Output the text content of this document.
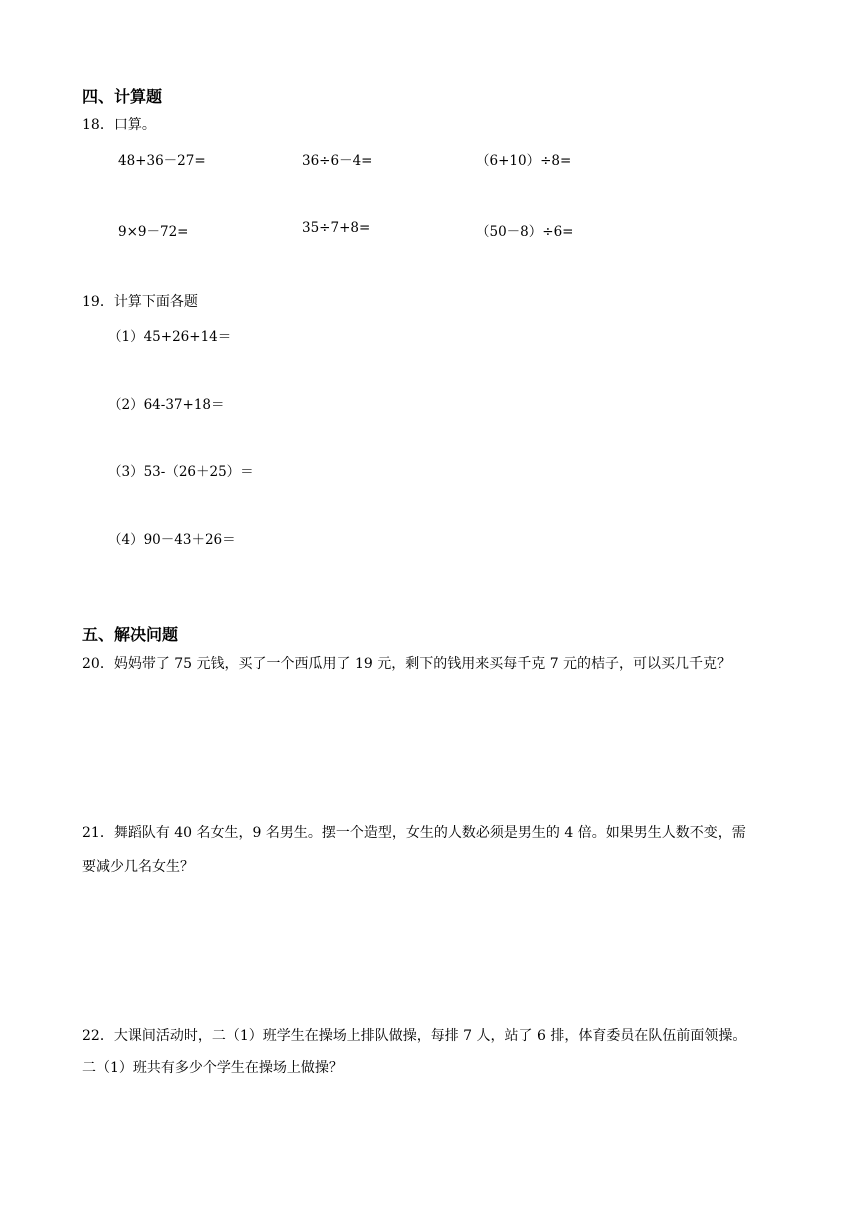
四、计算题
18．口算。
48+36－27=	36÷6－4=	（6+10）÷8=
9×9－72=	35÷7+8=	（50－8）÷6=
19．计算下面各题
（1）45+26+14＝
（2）64-37+18＝
（3）53-（26＋25）＝
（4）90－43＋26＝
五、解决问题
20．妈妈带了 75 元钱，买了一个西瓜用了 19 元，剩下的钱用来买每千克 7 元的桔子，可以买几千克？
21．舞蹈队有 40 名女生，9 名男生。摆一个造型，女生的人数必须是男生的 4 倍。如果男生人数不变，需
要减少几名女生？
22．大课间活动时，二（1）班学生在操场上排队做操，每排 7 人，站了 6 排，体育委员在队伍前面领操。
二（1）班共有多少个学生在操场上做操？
